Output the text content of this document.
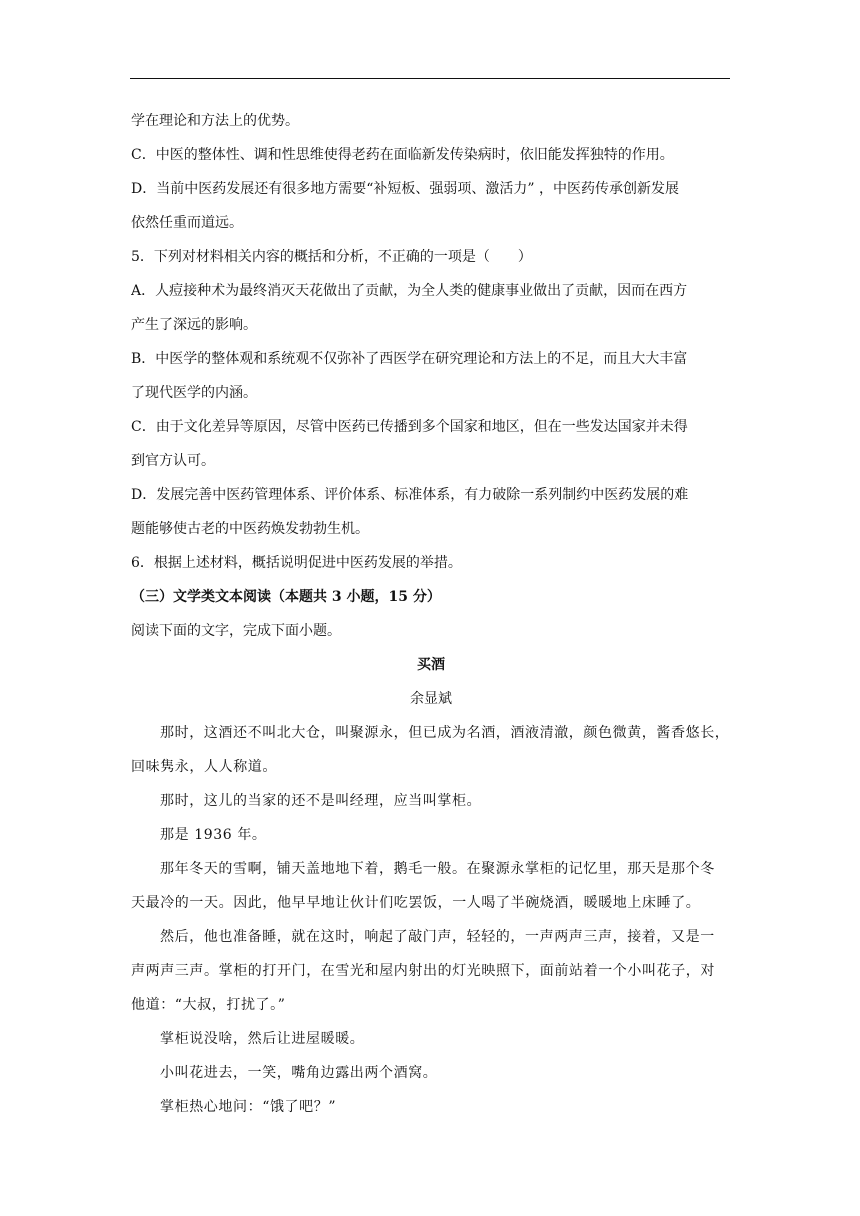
学在理论和方法上的优势。
C．中医的整体性、调和性思维使得老药在面临新发传染病时，依旧能发挥独特的作用。
D．当前中医药发展还有很多地方需要“补短板、强弱项、激活力” ，中医药传承创新发展
依然任重而道远。
5．下列对材料相关内容的概括和分析，不正确的一项是（　　）
A．人痘接种术为最终消灭天花做出了贡献，为全人类的健康事业做出了贡献，因而在西方
产生了深远的影响。
B．中医学的整体观和系统观不仅弥补了西医学在研究理论和方法上的不足，而且大大丰富
了现代医学的内涵。
C．由于文化差异等原因，尽管中医药已传播到多个国家和地区，但在一些发达国家并未得
到官方认可。
D．发展完善中医药管理体系、评价体系、标准体系，有力破除一系列制约中医药发展的难
题能够使古老的中医药焕发勃勃生机。
6．根据上述材料，概括说明促进中医药发展的举措。
（三）文学类文本阅读（本题共 3 小题，15 分）
阅读下面的文字，完成下面小题。
买酒
余显斌
那时，这酒还不叫北大仓，叫聚源永，但已成为名酒，酒液清澈，颜色微黄，酱香悠长，
回味隽永，人人称道。
那时，这儿的当家的还不是叫经理，应当叫掌柜。
那是 1936 年。
那年冬天的雪啊，铺天盖地地下着，鹅毛一般。在聚源永掌柜的记忆里，那天是那个冬
天最冷的一天。因此，他早早地让伙计们吃罢饭，一人喝了半碗烧酒，暖暖地上床睡了。
然后，他也准备睡，就在这时，响起了敲门声，轻轻的，一声两声三声，接着，又是一
声两声三声。掌柜的打开门，在雪光和屋内射出的灯光映照下，面前站着一个小叫花子，对
他道：“大叔，打扰了。”
掌柜说没啥，然后让进屋暖暖。
小叫花进去，一笑，嘴角边露出两个酒窝。
掌柜热心地问：“饿了吧？”
